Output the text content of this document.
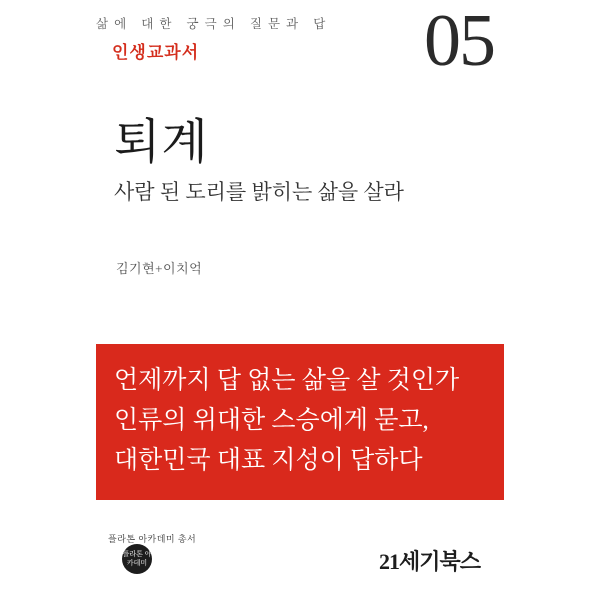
삶에 대한 궁극의 질문과 답
인생교과서	05
퇴계
사람 된 도리를 밝히는 삶을 살라
김기현+이치억
언제까지 답 없는 삶을 살 것인가
인류의 위대한 스승에게 묻고,
대한민국 대표 지성이 답하다
플라톤 아카데미 총서
플라톤 아카데미	21세기북스
